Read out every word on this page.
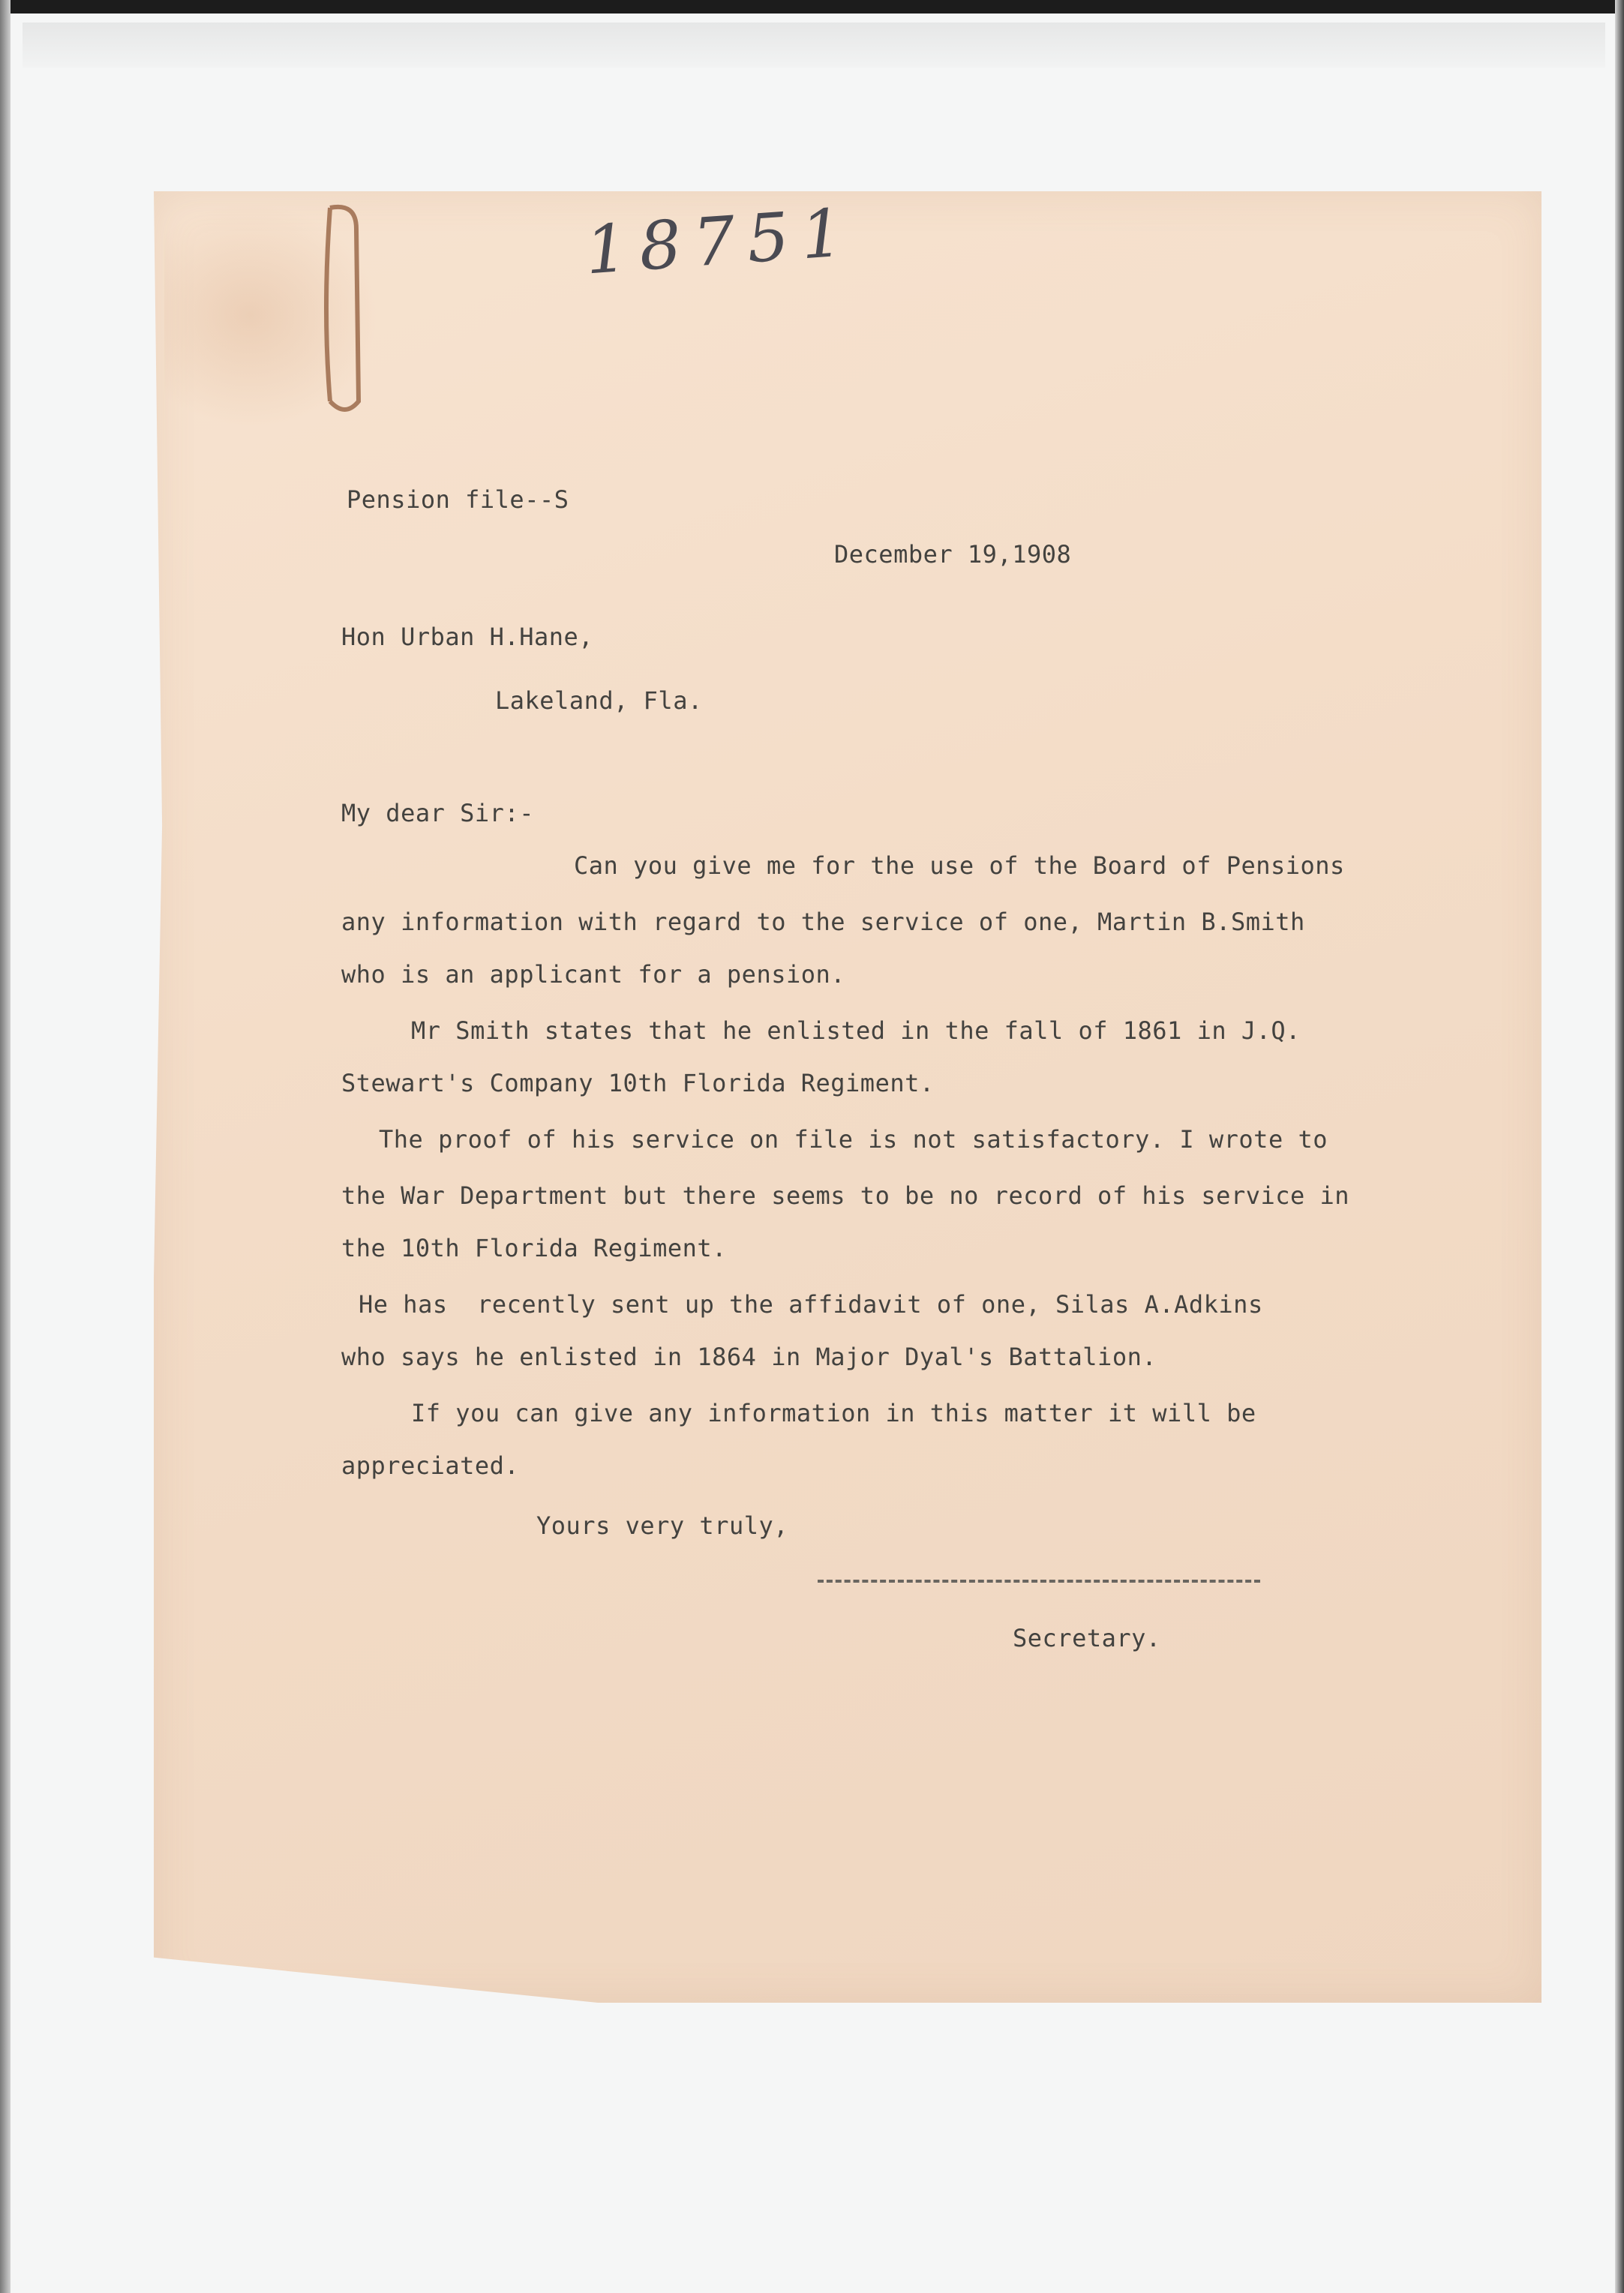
18751

Pension file--S

December 19,1908

Hon Urban H.Hane,

Lakeland, Fla.

My dear Sir:-

Can you give me for the use of the Board of Pensions

any information with regard to the service of one, Martin B.Smith

who is an applicant for a pension.

Mr Smith states that he enlisted in the fall of 1861 in J.Q.

Stewart's Company 10th Florida Regiment.

The proof of his service on file is not satisfactory. I wrote to

the War Department but there seems to be no record of his service in

the 10th Florida Regiment.

He has  recently sent up the affidavit of one, Silas A.Adkins

who says he enlisted in 1864 in Major Dyal's Battalion.

If you can give any information in this matter it will be

appreciated.

Yours very truly,

Secretary.
